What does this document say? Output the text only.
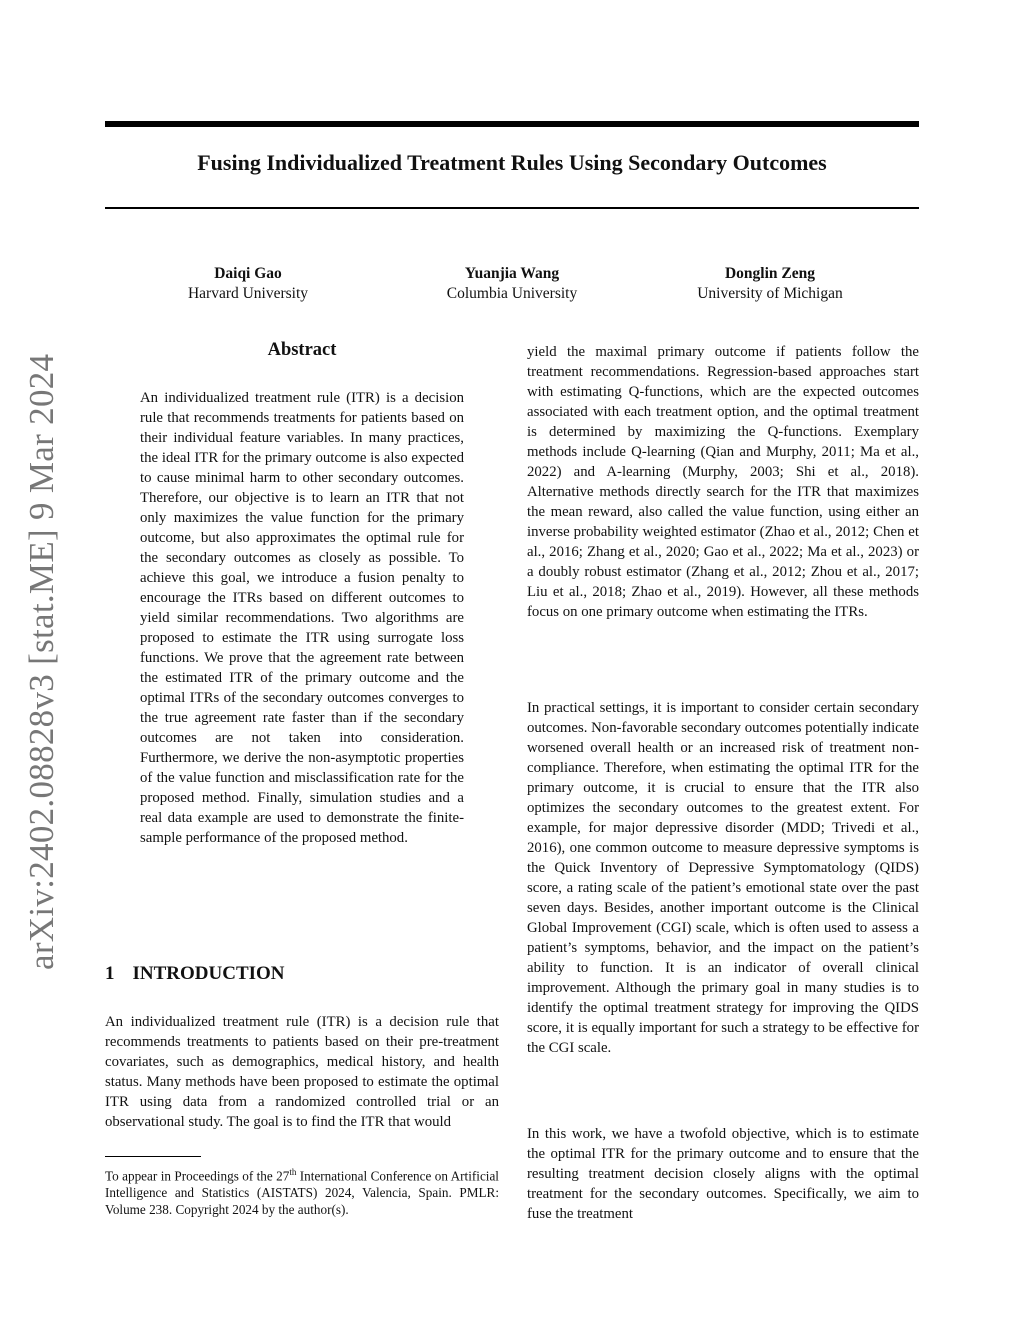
Fusing Individualized Treatment Rules Using Secondary Outcomes
Daiqi Gao
Harvard University
Yuanjia Wang
Columbia University
Donglin Zeng
University of Michigan
arXiv:2402.08828v3 [stat.ME] 9 Mar 2024
Abstract

An individualized treatment rule (ITR) is a decision rule that recommends treatments for patients based on their individual feature variables. In many practices, the ideal ITR for the primary outcome is also expected to cause minimal harm to other secondary outcomes. Therefore, our objective is to learn an ITR that not only maximizes the value function for the primary outcome, but also approximates the optimal rule for the secondary outcomes as closely as possible. To achieve this goal, we introduce a fusion penalty to encourage the ITRs based on different outcomes to yield similar recommendations. Two algorithms are proposed to estimate the ITR using surrogate loss functions. We prove that the agreement rate between the estimated ITR of the primary outcome and the optimal ITRs of the secondary outcomes converges to the true agreement rate faster than if the secondary outcomes are not taken into consideration. Furthermore, we derive the non-asymptotic properties of the value function and misclassification rate for the proposed method. Finally, simulation studies and a real data example are used to demonstrate the finite-sample performance of the proposed method.

1 INTRODUCTION

An individualized treatment rule (ITR) is a decision rule that recommends treatments to patients based on their pre-treatment covariates, such as demographics, medical history, and health status. Many methods have been proposed to estimate the optimal ITR using data from a randomized controlled trial or an observational study. The goal is to find the ITR that would

To appear in Proceedings of the 27th International Conference on Artificial Intelligence and Statistics (AISTATS) 2024, Valencia, Spain. PMLR: Volume 238. Copyright 2024 by the author(s).

yield the maximal primary outcome if patients follow the treatment recommendations. Regression-based approaches start with estimating Q-functions, which are the expected outcomes associated with each treatment option, and the optimal treatment is determined by maximizing the Q-functions. Exemplary methods include Q-learning (Qian and Murphy, 2011; Ma et al., 2022) and A-learning (Murphy, 2003; Shi et al., 2018). Alternative methods directly search for the ITR that maximizes the mean reward, also called the value function, using either an inverse probability weighted estimator (Zhao et al., 2012; Chen et al., 2016; Zhang et al., 2020; Gao et al., 2022; Ma et al., 2023) or a doubly robust estimator (Zhang et al., 2012; Zhou et al., 2017; Liu et al., 2018; Zhao et al., 2019). However, all these methods focus on one primary outcome when estimating the ITRs.

In practical settings, it is important to consider certain secondary outcomes. Non-favorable secondary outcomes potentially indicate worsened overall health or an increased risk of treatment non-compliance. Therefore, when estimating the optimal ITR for the primary outcome, it is crucial to ensure that the ITR also optimizes the secondary outcomes to the greatest extent. For example, for major depressive disorder (MDD; Trivedi et al., 2016), one common outcome to measure depressive symptoms is the Quick Inventory of Depressive Symptomatology (QIDS) score, a rating scale of the patient’s emotional state over the past seven days. Besides, another important outcome is the Clinical Global Improvement (CGI) scale, which is often used to assess a patient’s symptoms, behavior, and the impact on the patient’s ability to function. It is an indicator of overall clinical improvement. Although the primary goal in many studies is to identify the optimal treatment strategy for improving the QIDS score, it is equally important for such a strategy to be effective for the CGI scale.

In this work, we have a twofold objective, which is to estimate the optimal ITR for the primary outcome and to ensure that the resulting treatment decision closely aligns with the optimal treatment for the secondary outcomes. Specifically, we aim to fuse the treatment
